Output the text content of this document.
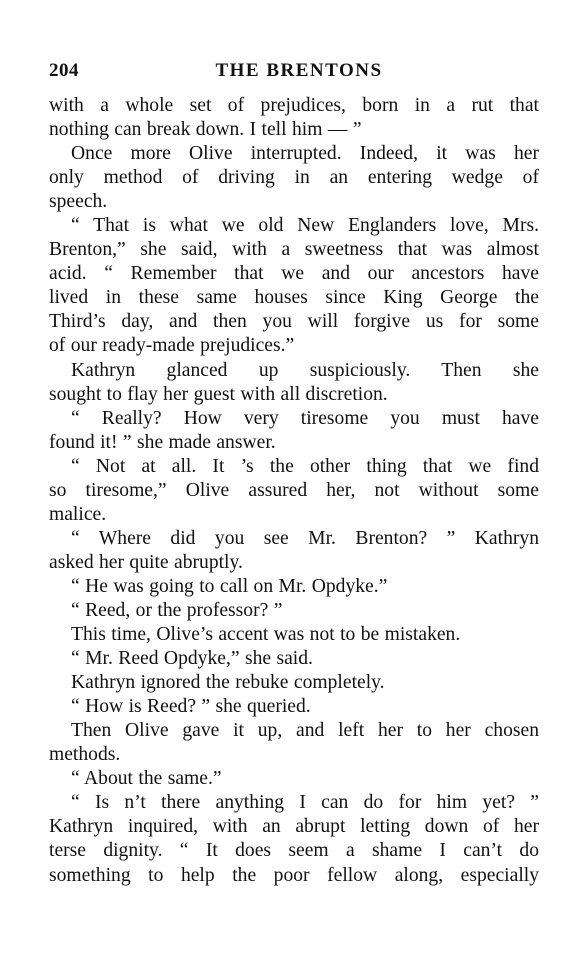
204	THE BRENTONS
with a whole set of prejudices, born in a rut that
nothing can break down. I tell him — ”
Once more Olive interrupted. Indeed, it was her
only method of driving in an entering wedge of
speech.
“ That is what we old New Englanders love, Mrs.
Brenton,” she said, with a sweetness that was almost
acid. “ Remember that we and our ancestors have
lived in these same houses since King George the
Third’s day, and then you will forgive us for some
of our ready-made prejudices.”
Kathryn glanced up suspiciously. Then she
sought to flay her guest with all discretion.
“ Really? How very tiresome you must have
found it! ” she made answer.
“ Not at all. It ’s the other thing that we find
so tiresome,” Olive assured her, not without some
malice.
“ Where did you see Mr. Brenton? ” Kathryn
asked her quite abruptly.
“ He was going to call on Mr. Opdyke.”
“ Reed, or the professor? ”
This time, Olive’s accent was not to be mistaken.
“ Mr. Reed Opdyke,” she said.
Kathryn ignored the rebuke completely.
“ How is Reed? ” she queried.
Then Olive gave it up, and left her to her chosen
methods.
“ About the same.”
“ Is n’t there anything I can do for him yet? ”
Kathryn inquired, with an abrupt letting down of her
terse dignity. “ It does seem a shame I can’t do
something to help the poor fellow along, especially
